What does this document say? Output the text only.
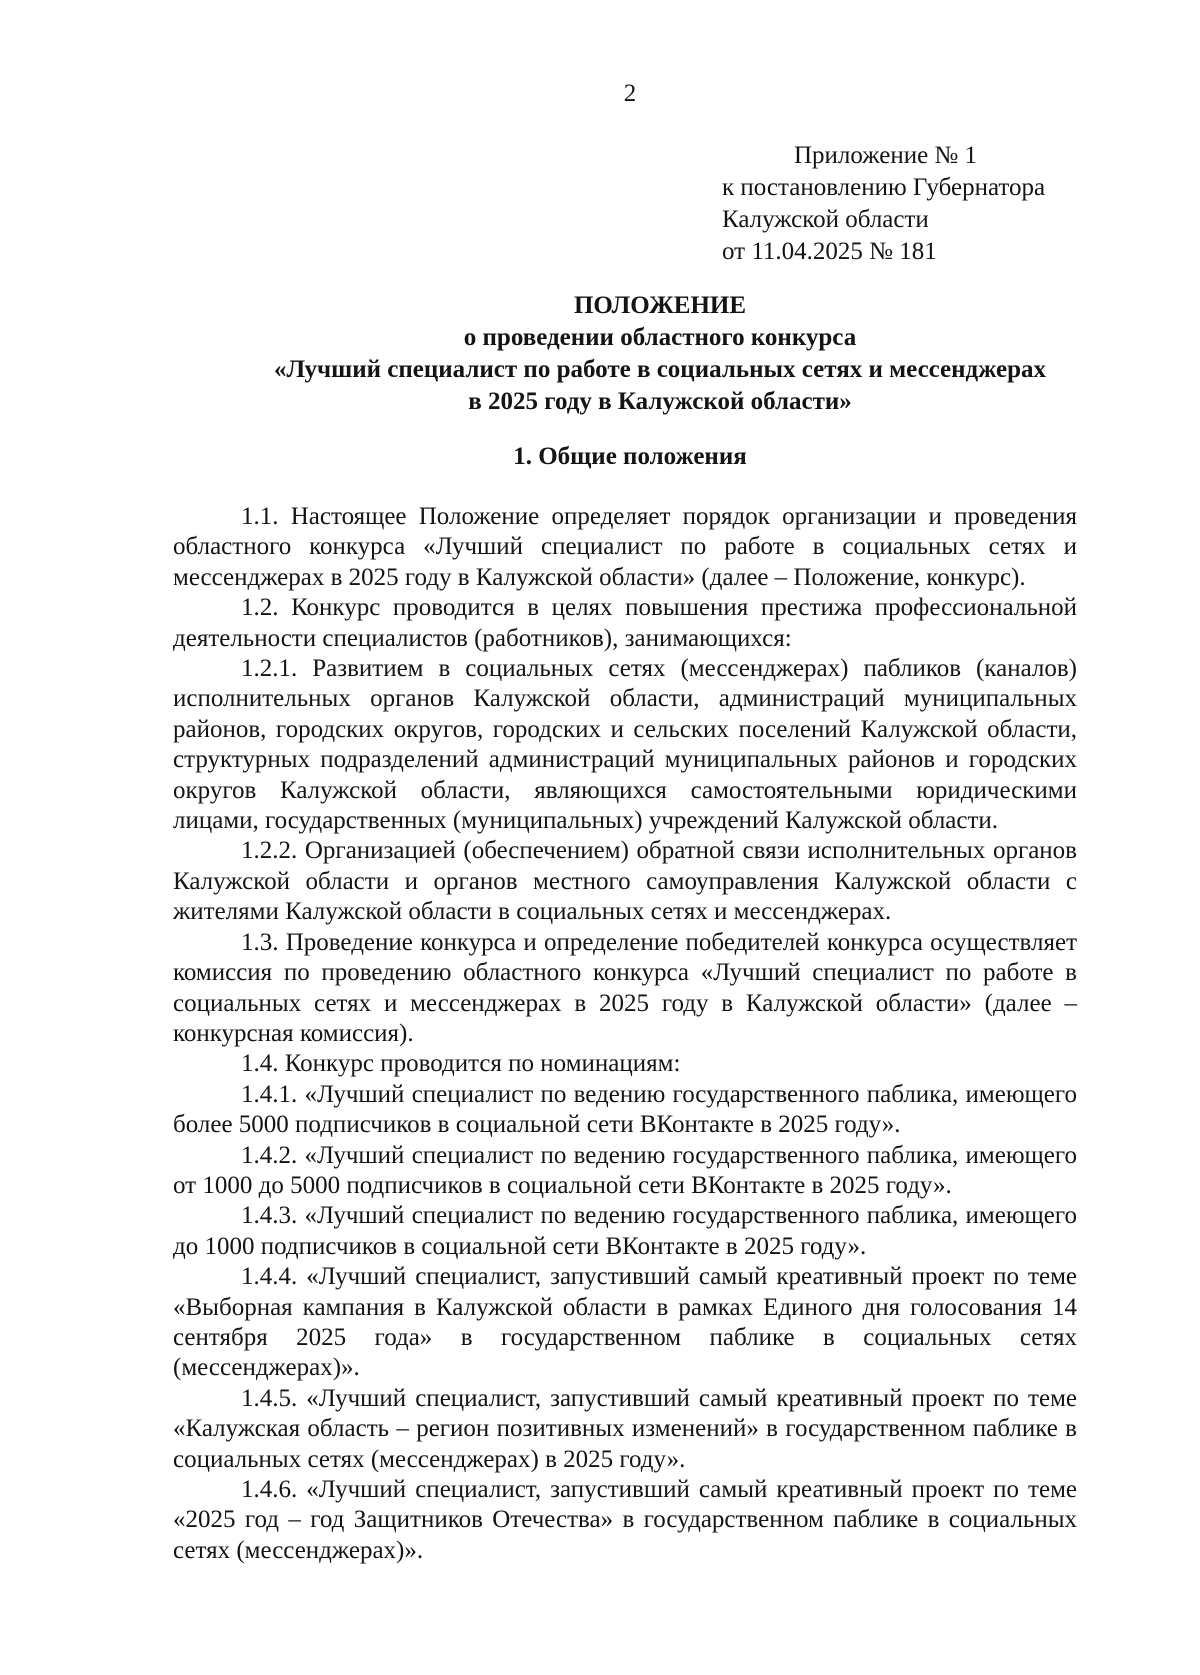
2
Приложение № 1
к постановлению Губернатора
Калужской области
от 11.04.2025 № 181
ПОЛОЖЕНИЕ
о проведении областного конкурса
«Лучший специалист по работе в социальных сетях и мессенджерах
в 2025 году в Калужской области»
1. Общие положения

1.1. Настоящее Положение определяет порядок организации и проведения областного конкурса «Лучший специалист по работе в социальных сетях и мессенджерах в 2025 году в Калужской области» (далее – Положение, конкурс).

1.2. Конкурс проводится в целях повышения престижа профессиональной деятельности специалистов (работников), занимающихся:

1.2.1. Развитием в социальных сетях (мессенджерах) пабликов (каналов) исполнительных органов Калужской области, администраций муниципальных районов, городских округов, городских и сельских поселений Калужской области, структурных подразделений администраций муниципальных районов и городских округов Калужской области, являющихся самостоятельными юридическими лицами, государственных (муниципальных) учреждений Калужской области.

1.2.2. Организацией (обеспечением) обратной связи исполнительных органов Калужской области и органов местного самоуправления Калужской области с жителями Калужской области в социальных сетях и мессенджерах.

1.3. Проведение конкурса и определение победителей конкурса осуществляет комиссия по проведению областного конкурса «Лучший специалист по работе в социальных сетях и мессенджерах в 2025 году в Калужской области» (далее – конкурсная комиссия).

1.4. Конкурс проводится по номинациям:

1.4.1. «Лучший специалист по ведению государственного паблика, имеющего более 5000 подписчиков в социальной сети ВКонтакте в 2025 году».

1.4.2. «Лучший специалист по ведению государственного паблика, имеющего от 1000 до 5000 подписчиков в социальной сети ВКонтакте в 2025 году».

1.4.3. «Лучший специалист по ведению государственного паблика, имеющего до 1000 подписчиков в социальной сети ВКонтакте в 2025 году».

1.4.4. «Лучший специалист, запустивший самый креативный проект по теме «Выборная кампания в Калужской области в рамках Единого дня голосования 14 сентября 2025 года» в государственном паблике в социальных сетях (мессенджерах)».

1.4.5. «Лучший специалист, запустивший самый креативный проект по теме «Калужская область – регион позитивных изменений» в государственном паблике в социальных сетях (мессенджерах) в 2025 году».

1.4.6. «Лучший специалист, запустивший самый креативный проект по теме «2025 год – год Защитников Отечества» в государственном паблике в социальных сетях (мессенджерах)».
